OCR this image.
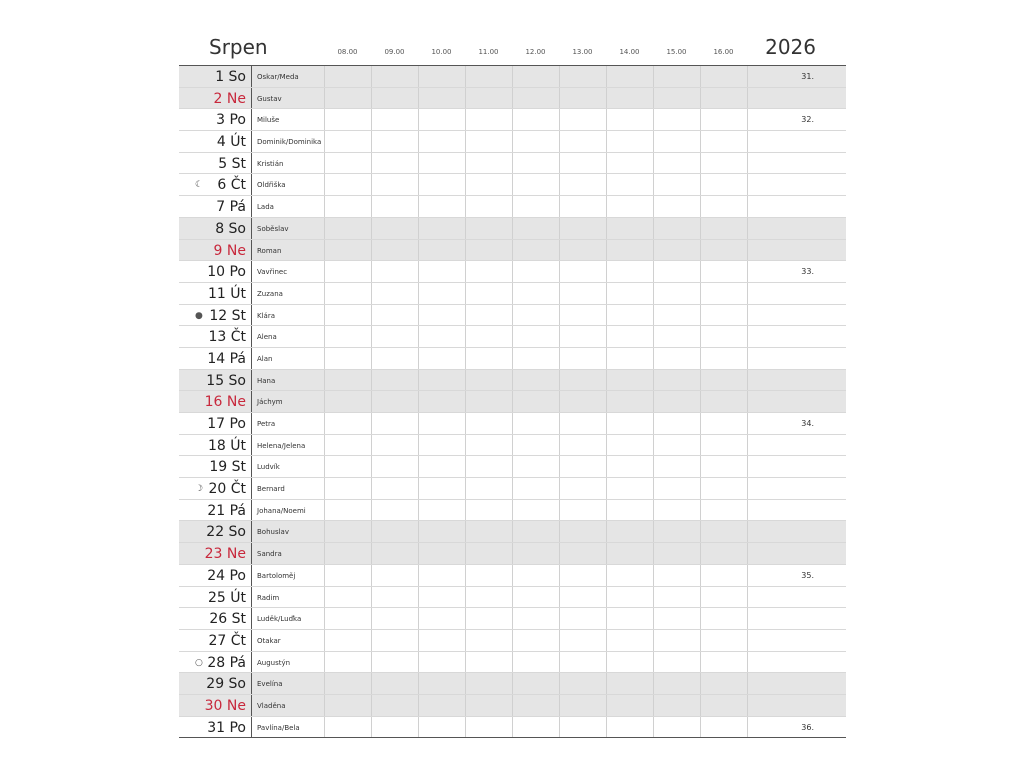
Srpen	08.00	09.00	10.00	11.00	12.00	13.00	14.00	15.00	16.00	2026
1 So Oskar/Meda	31.
2 Ne Gustav
3 Po Miluše	32.
4 Út Dominik/Dominika
5 St Kristián
☾	6 Čt Oldřiška
7 Pá Lada
8 So Soběslav
9 Ne Roman
10 Po Vavřinec	33.
11 Út Zuzana
● 12 St Klára
13 Čt Alena
14 Pá Alan
15 So Hana
16 Ne Jáchym
17 Po Petra	34.
18 Út Helena/Jelena
19 St Ludvík
☽ 20 Čt Bernard
21 Pá Johana/Noemi
22 So Bohuslav
23 Ne Sandra
24 Po Bartoloměj	35.
25 Út Radim
26 St Luděk/Luďka
27 Čt Otakar
○ 28 Pá Augustýn
29 So Evelína
30 Ne Vladěna
31 Po Pavlína/Bela	36.
